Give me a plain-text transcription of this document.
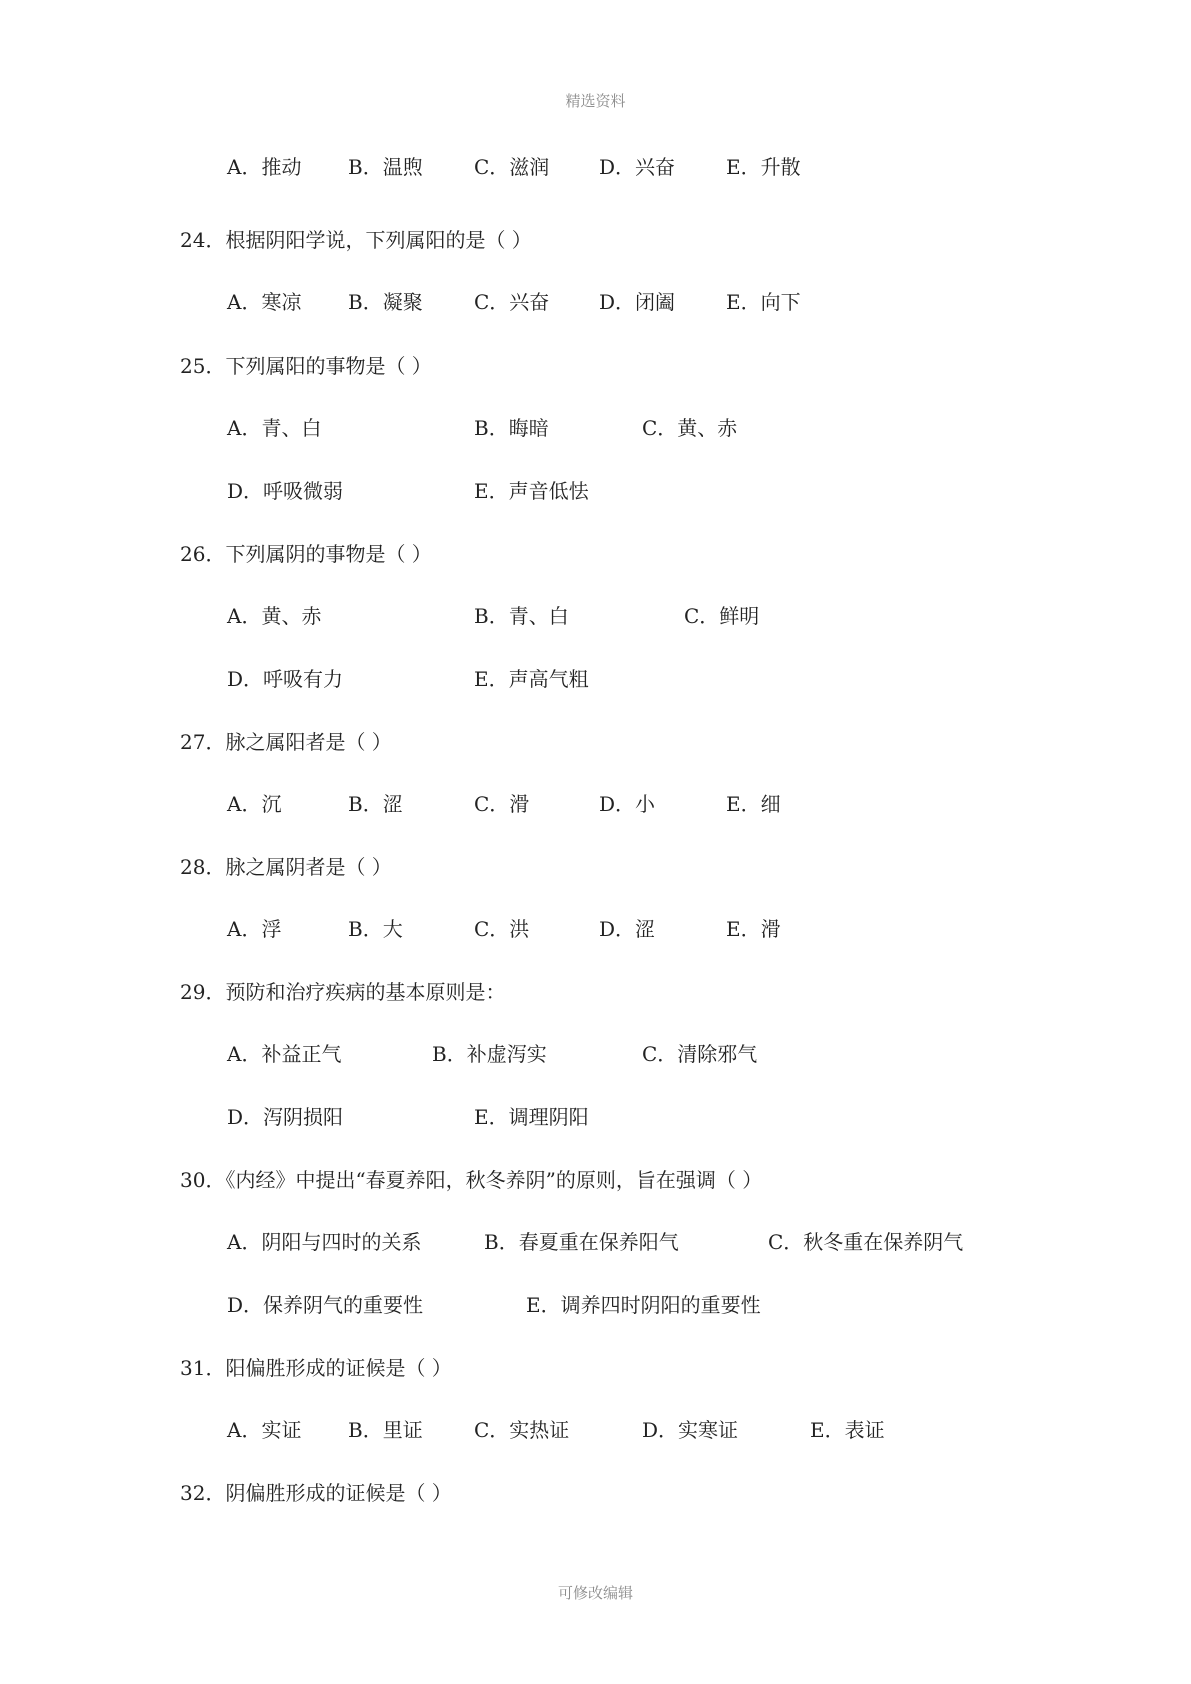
精选资料
A．推动 B．温煦	C．滋润 D．兴奋	E．升散
24．根据阴阳学说，下列属阳的是（ ）
A．寒凉 B．凝聚	C．兴奋 D．闭阖	E．向下
25．下列属阳的事物是（ ）
A．青、白	B．晦暗	C．黄、赤
D．呼吸微弱	E．声音低怯
26．下列属阴的事物是（ ）
A．黄、赤	B．青、白	C．鲜明
D．呼吸有力	E．声高气粗
27．脉之属阳者是（ ）
A．沉	B．涩	C．滑	D．小	E．细
28．脉之属阴者是（ ）
A．浮	B．大	C．洪	D．涩	E．滑
29．预防和治疗疾病的基本原则是：
A．补益正气	B．补虚泻实	C．清除邪气
D．泻阴损阳	E．调理阴阳
30．《内经》中提出“春夏养阳，秋冬养阴”的原则，旨在强调（ ）
A．阴阳与四时的关系	B．春夏重在保养阳气	C．秋冬重在保养阴气
D．保养阴气的重要性	E．调养四时阴阳的重要性
31．阳偏胜形成的证候是（ ）
A．实证 B．里证	C．实热证	D．实寒证	E．表证
32．阴偏胜形成的证候是（ ）
可修改编辑
